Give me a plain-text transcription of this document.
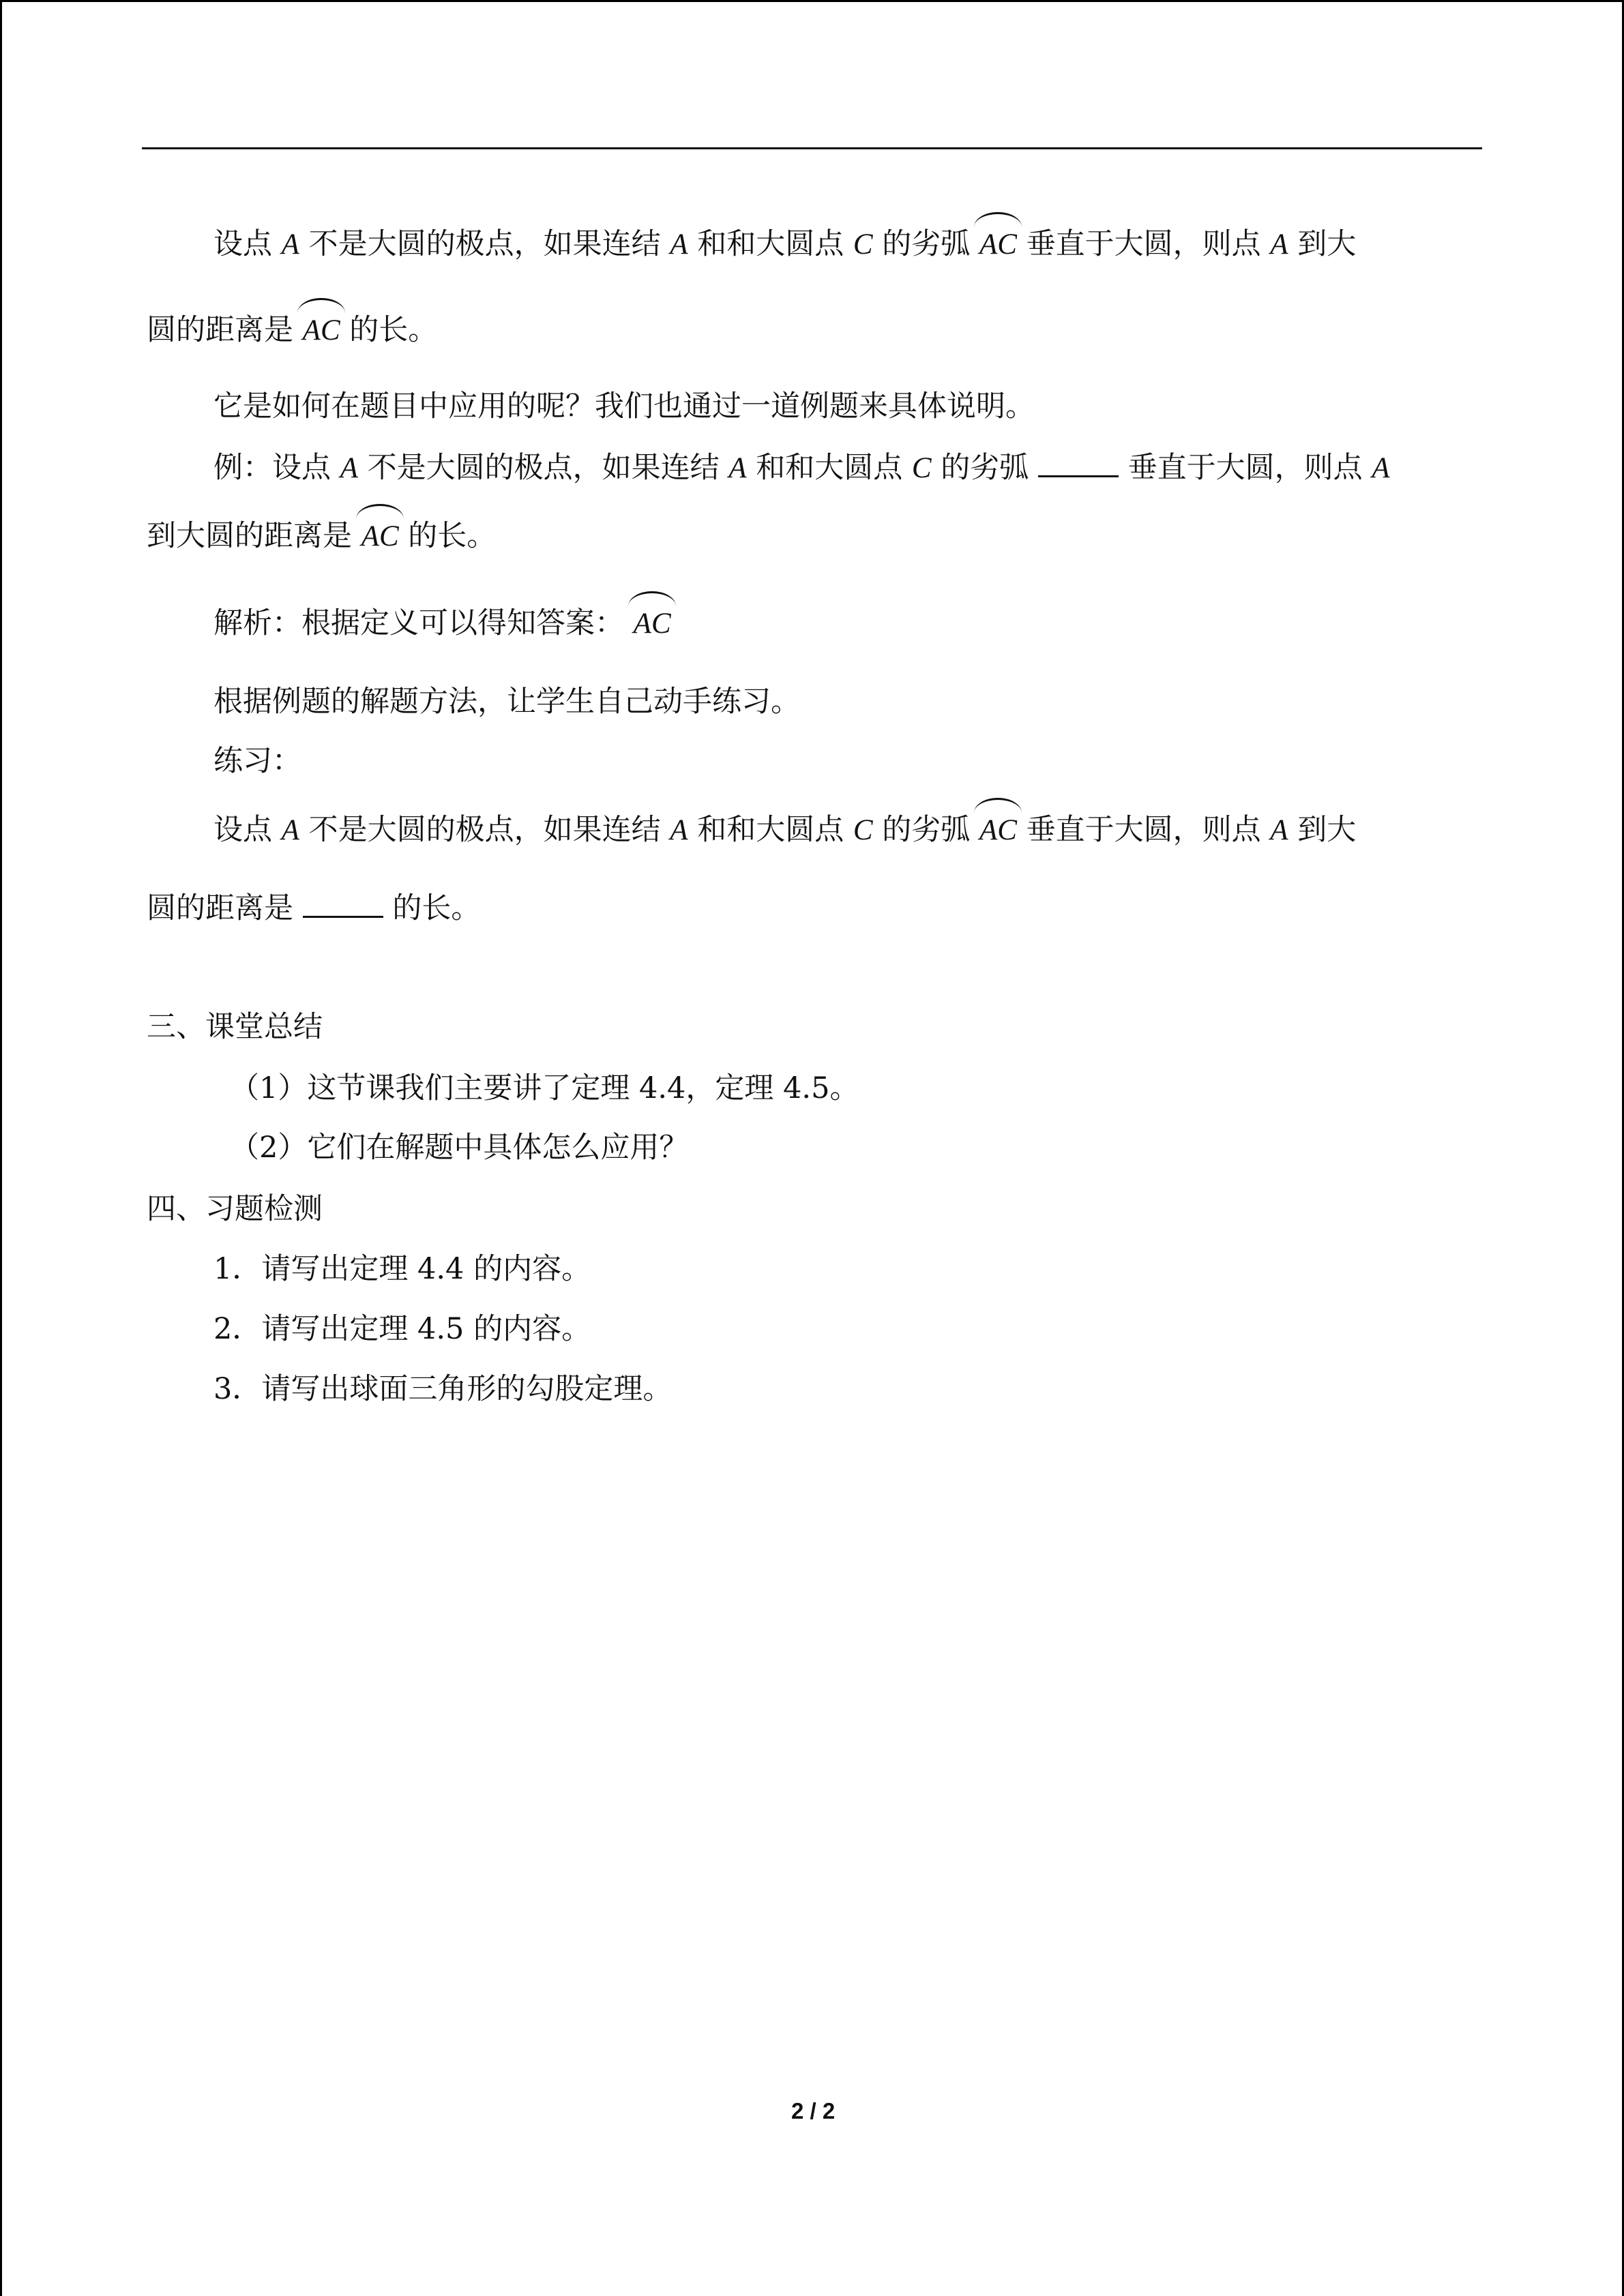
设点 A 不是大圆的极点，如果连结 A 和和大圆点 C 的劣弧 AC 垂直于大圆，则点 A 到大
圆的距离是 AC 的长。
它是如何在题目中应用的呢？我们也通过一道例题来具体说明。
例：设点 A 不是大圆的极点，如果连结 A 和和大圆点 C 的劣弧	垂直于大圆，则点 A
到大圆的距离是 AC 的长。
解析：根据定义可以得知答案： AC
根据例题的解题方法，让学生自己动手练习。
练习：
设点 A 不是大圆的极点，如果连结 A 和和大圆点 C 的劣弧 AC 垂直于大圆，则点 A 到大
圆的距离是	的长。
三、课堂总结
（1）这节课我们主要讲了定理 4.4，定理 4.5。
（2）它们在解题中具体怎么应用？
四、习题检测
1．请写出定理 4.4 的内容。
2．请写出定理 4.5 的内容。
3．请写出球面三角形的勾股定理。
2 / 2
